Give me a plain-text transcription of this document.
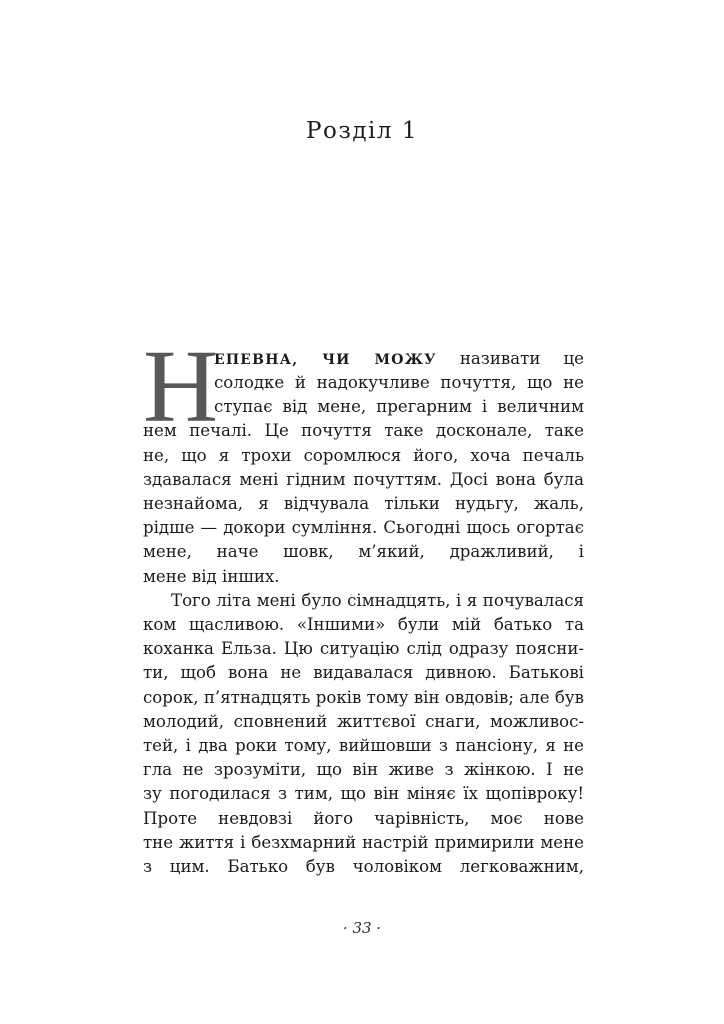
Розділ 1
Н
ЕПЕВНА, ЧИ МОЖУ називати це
солодке й надокучливе почуття, що не
ступає від мене, прегарним і величним
нем печалі. Це почуття таке досконале, таке
не, що я трохи соромлюся його, хоча печаль
здавалася мені гідним почуттям. Досі вона була
незнайома, я відчувала тільки нудьгу, жаль,
рідше — докори сумління. Сьогодні щось огортає
мене, наче шовк, м’який, дражливий, і
мене від інших.
Того літа мені було сімнадцять, і я почувалася
ком щасливою. «Іншими» були мій батько та
коханка Ельза. Цю ситуацію слід одразу поясни-
ти, щоб вона не видавалася дивною. Батькові
сорок, п’ятнадцять років тому він овдовів; але був
молодий, сповнений життєвої снаги, можливос-
тей, і два роки тому, вийшовши з пансіону, я не
гла не зрозуміти, що він живе з жінкою. І не
зу погодилася з тим, що він міняє їх щопівроку!
Проте невдовзі його чарівність, моє нове
тне життя і безхмарний настрій примирили мене
з цим. Батько був чоловіком легковажним,
· 33 ·
